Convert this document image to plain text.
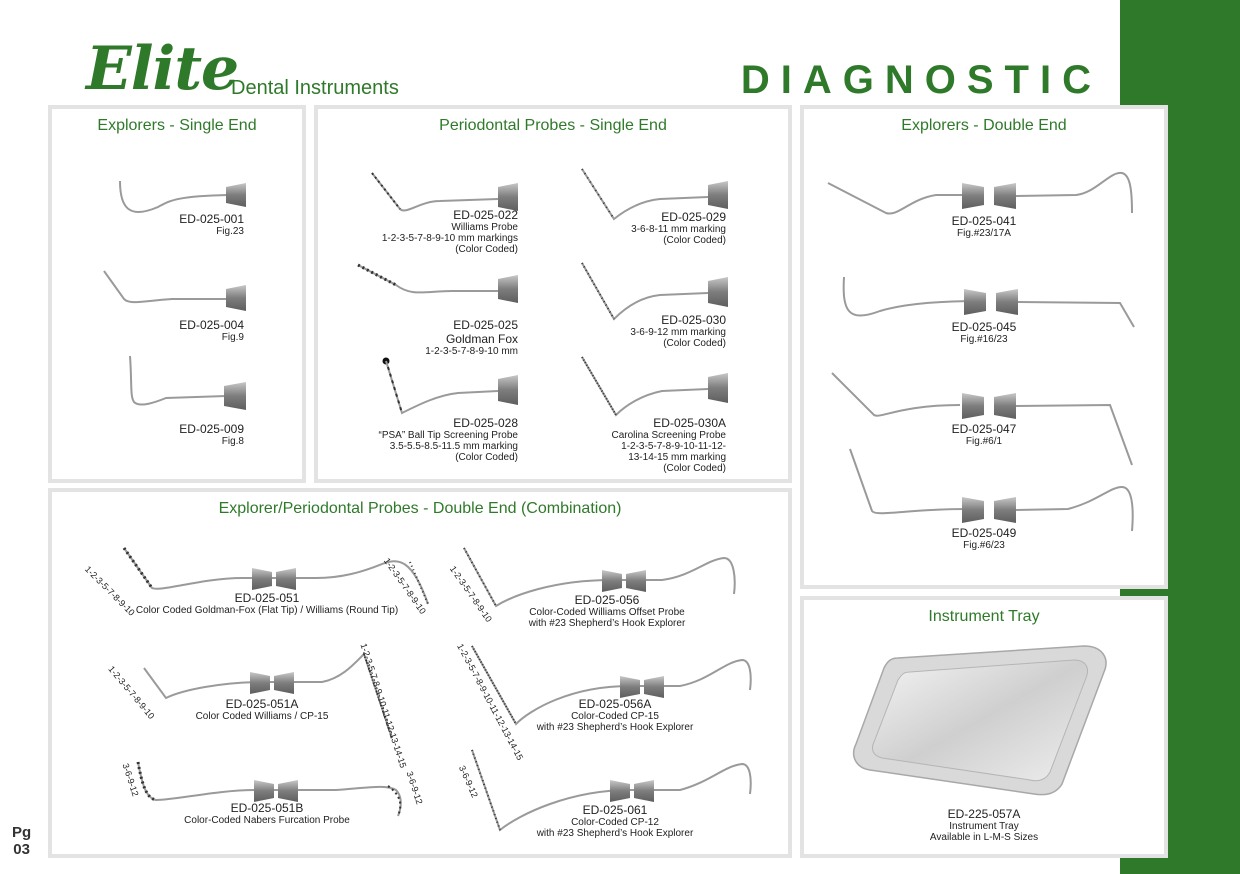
Elite
Dental Instruments	DIAGNOSTIC
Explorers - Single End
ED-025-001
Fig.23
ED-025-004
Fig.9
ED-025-009
Fig.8
Periodontal Probes - Single End
ED-025-022
Williams Probe
1-2-3-5-7-8-9-10 mm markings
(Color Coded)
ED-025-029
3-6-8-11 mm marking
(Color Coded)
ED-025-025
Goldman Fox
1-2-3-5-7-8-9-10 mm
ED-025-030
3-6-9-12 mm marking
(Color Coded)
ED-025-028
“PSA” Ball Tip Screening Probe
3.5-5.5-8.5-11.5 mm marking
(Color Coded)
ED-025-030A
Carolina Screening Probe
1-2-3-5-7-8-9-10-11-12-
13-14-15 mm marking
(Color Coded)
Explorers - Double End
ED-025-041
Fig.#23/17A
ED-025-045
Fig.#16/23
ED-025-047
Fig.#6/1
ED-025-049
Fig.#6/23
Explorer/Periodontal Probes - Double End (Combination)
1-2-3-5-7-8-9-10	1-2-3-5-7-8-9-10
ED-025-051
Color Coded Goldman-Fox (Flat Tip) / Williams (Round Tip)	1-2-3-5-7-8-9-10	ED-025-056
Color-Coded Williams Offset Probe
with #23 Shepherd’s Hook Explorer
1-2-3-5-7-8-9-10	1-2-3-5-7-8-9-10-11-12-13-14-15
ED-025-051A
Color Coded Williams / CP-15	1-2-3-5-7-8-9-10-11-12-13-14-15	ED-025-056A
Color-Coded CP-15
with #23 Shepherd’s Hook Explorer
3-6-9-12	3-6-9-12
ED-025-051B
Color-Coded Nabers Furcation Probe
3-6-9-12
ED-025-061
Color-Coded CP-12
with #23 Shepherd’s Hook Explorer
Instrument Tray
ED-225-057A
Instrument Tray
Available in L-M-S Sizes
Pg
03
